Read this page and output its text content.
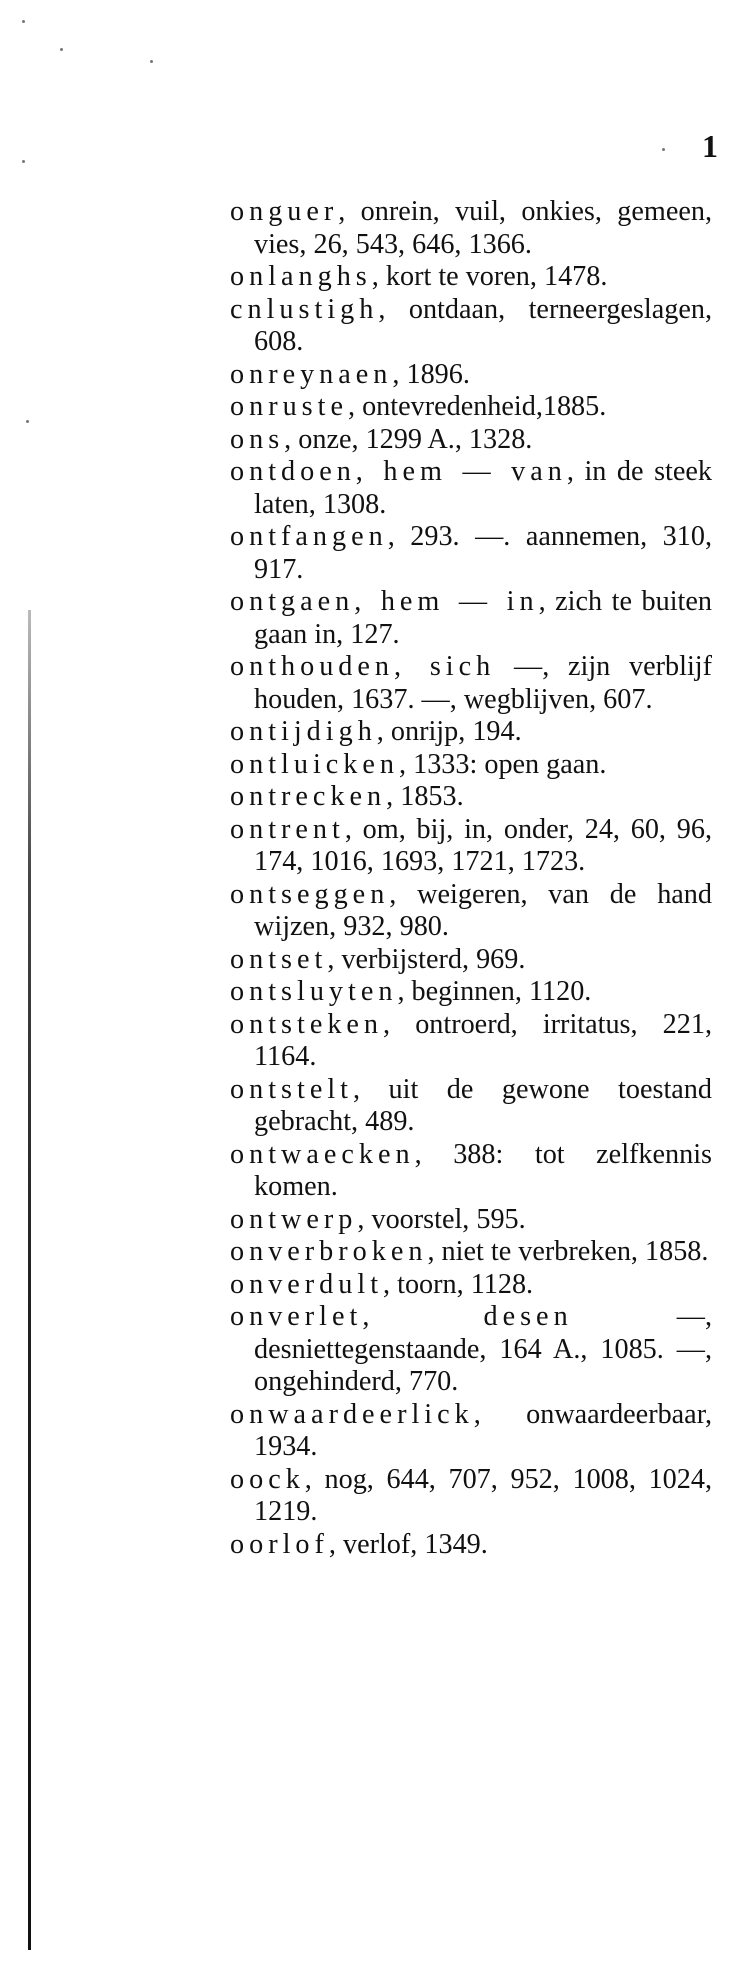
1
onguer, onrein, vuil, onkies, gemeen, vies, 26, 543, 646, 1366.
onlanghs, kort te voren, 1478.
cnlustigh, ontdaan, terneergeslagen, 608.
onreynaen, 1896.
onruste, ontevredenheid,1885.
ons, onze, 1299 A., 1328.
ontdoen, hem — van, in de steek laten, 1308.
ontfangen, 293. —. aannemen, 310, 917.
ontgaen, hem — in, zich te buiten gaan in, 127.
onthouden, sich —, zijn verblijf houden, 1637. —, wegblijven, 607.
ontijdigh, onrijp, 194.
ontluicken, 1333: open gaan.
ontrecken, 1853.
ontrent, om, bij, in, onder, 24, 60, 96, 174, 1016, 1693, 1721, 1723.
ontseggen, weigeren, van de hand wijzen, 932, 980.
ontset, verbijsterd, 969.
ontsluyten, beginnen, 1120.
ontsteken, ontroerd, irritatus, 221, 1164.
ontstelt, uit de gewone toestand gebracht, 489.
ontwaecken, 388: tot zelfkennis komen.
ontwerp, voorstel, 595.
onverbroken, niet te verbreken, 1858.
onverdult, toorn, 1128.
onverlet, desen —, desniettegenstaande, 164 A., 1085. —, ongehinderd, 770.
onwaardeerlick, onwaardeerbaar, 1934.
oock, nog, 644, 707, 952, 1008, 1024, 1219.
oorlof, verlof, 1349.
